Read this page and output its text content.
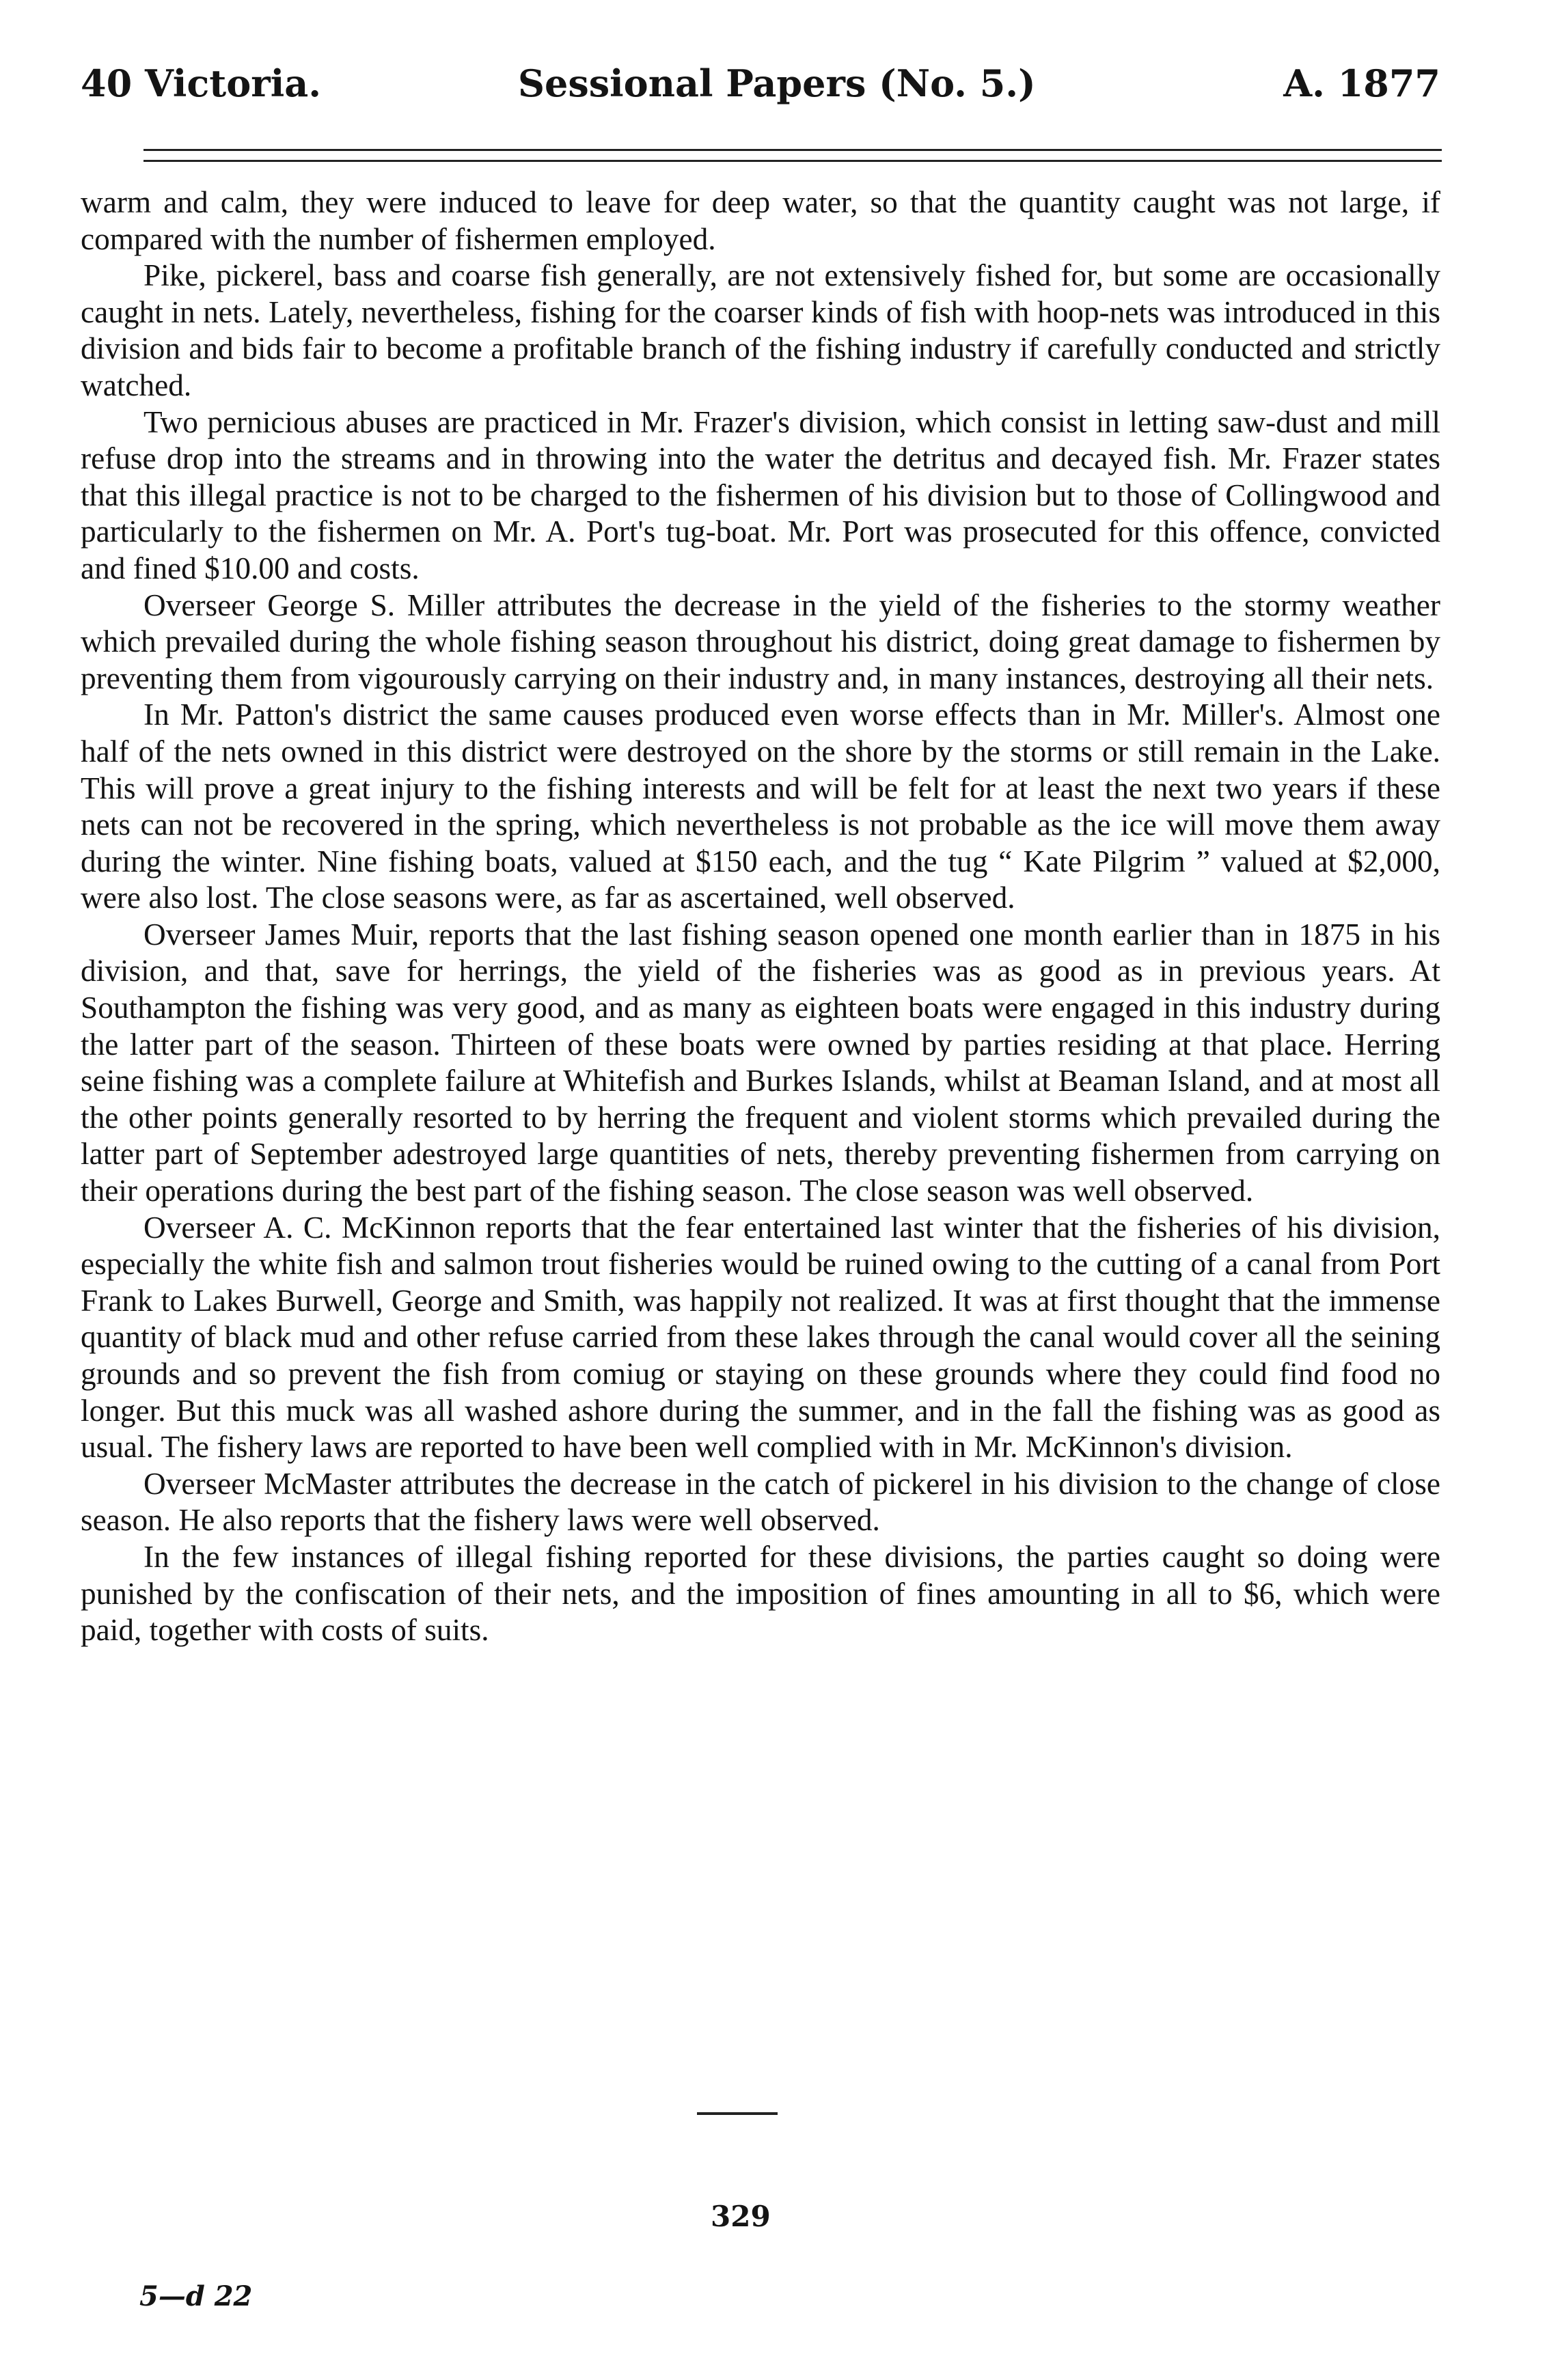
40 Victoria.	Sessional Papers (No. 5.)	A. 1877

warm and calm, they were induced to leave for deep water, so that the quantity caught was not large, if compared with the number of fishermen employed.

Pike, pickerel, bass and coarse fish generally, are not extensively fished for, but some are occasionally caught in nets. Lately, nevertheless, fishing for the coarser kinds of fish with hoop-nets was introduced in this division and bids fair to become a profitable branch of the fishing industry if carefully conducted and strictly watched.

Two pernicious abuses are practiced in Mr. Frazer's division, which consist in letting saw-dust and mill refuse drop into the streams and in throwing into the water the detritus and decayed fish. Mr. Frazer states that this illegal practice is not to be charged to the fishermen of his division but to those of Collingwood and particularly to the fishermen on Mr. A. Port's tug-boat. Mr. Port was prosecuted for this offence, convicted and fined $10.00 and costs.

Overseer George S. Miller attributes the decrease in the yield of the fisheries to the stormy weather which prevailed during the whole fishing season throughout his district, doing great damage to fishermen by preventing them from vigourously carrying on their industry and, in many instances, destroying all their nets.

In Mr. Patton's district the same causes produced even worse effects than in Mr. Miller's. Almost one half of the nets owned in this district were destroyed on the shore by the storms or still remain in the Lake. This will prove a great injury to the fishing interests and will be felt for at least the next two years if these nets can not be recovered in the spring, which nevertheless is not probable as the ice will move them away during the winter. Nine fishing boats, valued at $150 each, and the tug “ Kate Pilgrim ” valued at $2,000, were also lost. The close seasons were, as far as ascertained, well observed.

Overseer James Muir, reports that the last fishing season opened one month earlier than in 1875 in his division, and that, save for herrings, the yield of the fisheries was as good as in previous years. At Southampton the fishing was very good, and as many as eighteen boats were engaged in this industry during the latter part of the season. Thirteen of these boats were owned by parties residing at that place. Herring seine fishing was a complete failure at Whitefish and Burkes Islands, whilst at Beaman Island, and at most all the other points generally resorted to by herring the frequent and violent storms which prevailed during the latter part of September adestroyed large quantities of nets, thereby preventing fishermen from carrying on their operations during the best part of the fishing season. The close season was well observed.

Overseer A. C. McKinnon reports that the fear entertained last winter that the fisheries of his division, especially the white fish and salmon trout fisheries would be ruined owing to the cutting of a canal from Port Frank to Lakes Burwell, George and Smith, was happily not realized. It was at first thought that the immense quantity of black mud and other refuse carried from these lakes through the canal would cover all the seining grounds and so prevent the fish from comiug or staying on these grounds where they could find food no longer. But this muck was all washed ashore during the summer, and in the fall the fishing was as good as usual. The fishery laws are reported to have been well complied with in Mr. McKinnon's division.

Overseer McMaster attributes the decrease in the catch of pickerel in his division to the change of close season. He also reports that the fishery laws were well observed.

In the few instances of illegal fishing reported for these divisions, the parties caught so doing were punished by the confiscation of their nets, and the imposition of fines amounting in all to $6, which were paid, together with costs of suits.

329
5—d 22
